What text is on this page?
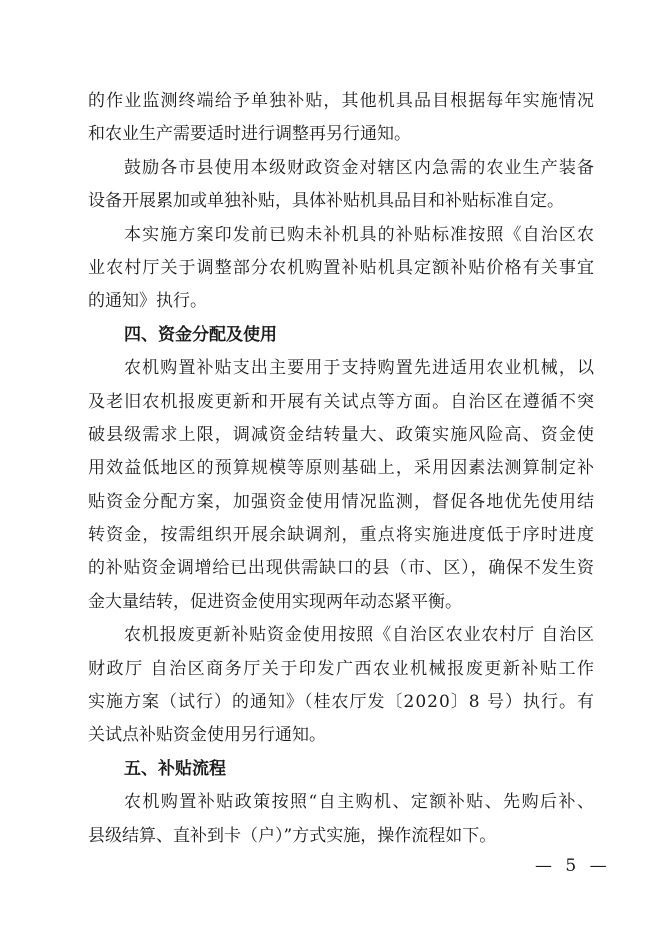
的作业监测终端给予单独补贴，其他机具品目根据每年实施情况
和农业生产需要适时进行调整再另行通知。
鼓励各市县使用本级财政资金对辖区内急需的农业生产装备
设备开展累加或单独补贴，具体补贴机具品目和补贴标准自定。
本实施方案印发前已购未补机具的补贴标准按照《自治区农
业农村厅关于调整部分农机购置补贴机具定额补贴价格有关事宜
的通知》执行。
四、资金分配及使用
农机购置补贴支出主要用于支持购置先进适用农业机械，以
及老旧农机报废更新和开展有关试点等方面。自治区在遵循不突
破县级需求上限，调减资金结转量大、政策实施风险高、资金使
用效益低地区的预算规模等原则基础上，采用因素法测算制定补
贴资金分配方案，加强资金使用情况监测，督促各地优先使用结
转资金，按需组织开展余缺调剂，重点将实施进度低于序时进度
的补贴资金调增给已出现供需缺口的县（市、区），确保不发生资
金大量结转，促进资金使用实现两年动态紧平衡。
农机报废更新补贴资金使用按照《自治区农业农村厅 自治区
财政厅 自治区商务厅关于印发广西农业机械报废更新补贴工作
实施方案（试行）的通知》（桂农厅发〔2020〕8 号）执行。有
关试点补贴资金使用另行通知。
五、补贴流程
农机购置补贴政策按照“自主购机、定额补贴、先购后补、
县级结算、直补到卡（户）”方式实施，操作流程如下。
— 5 —
